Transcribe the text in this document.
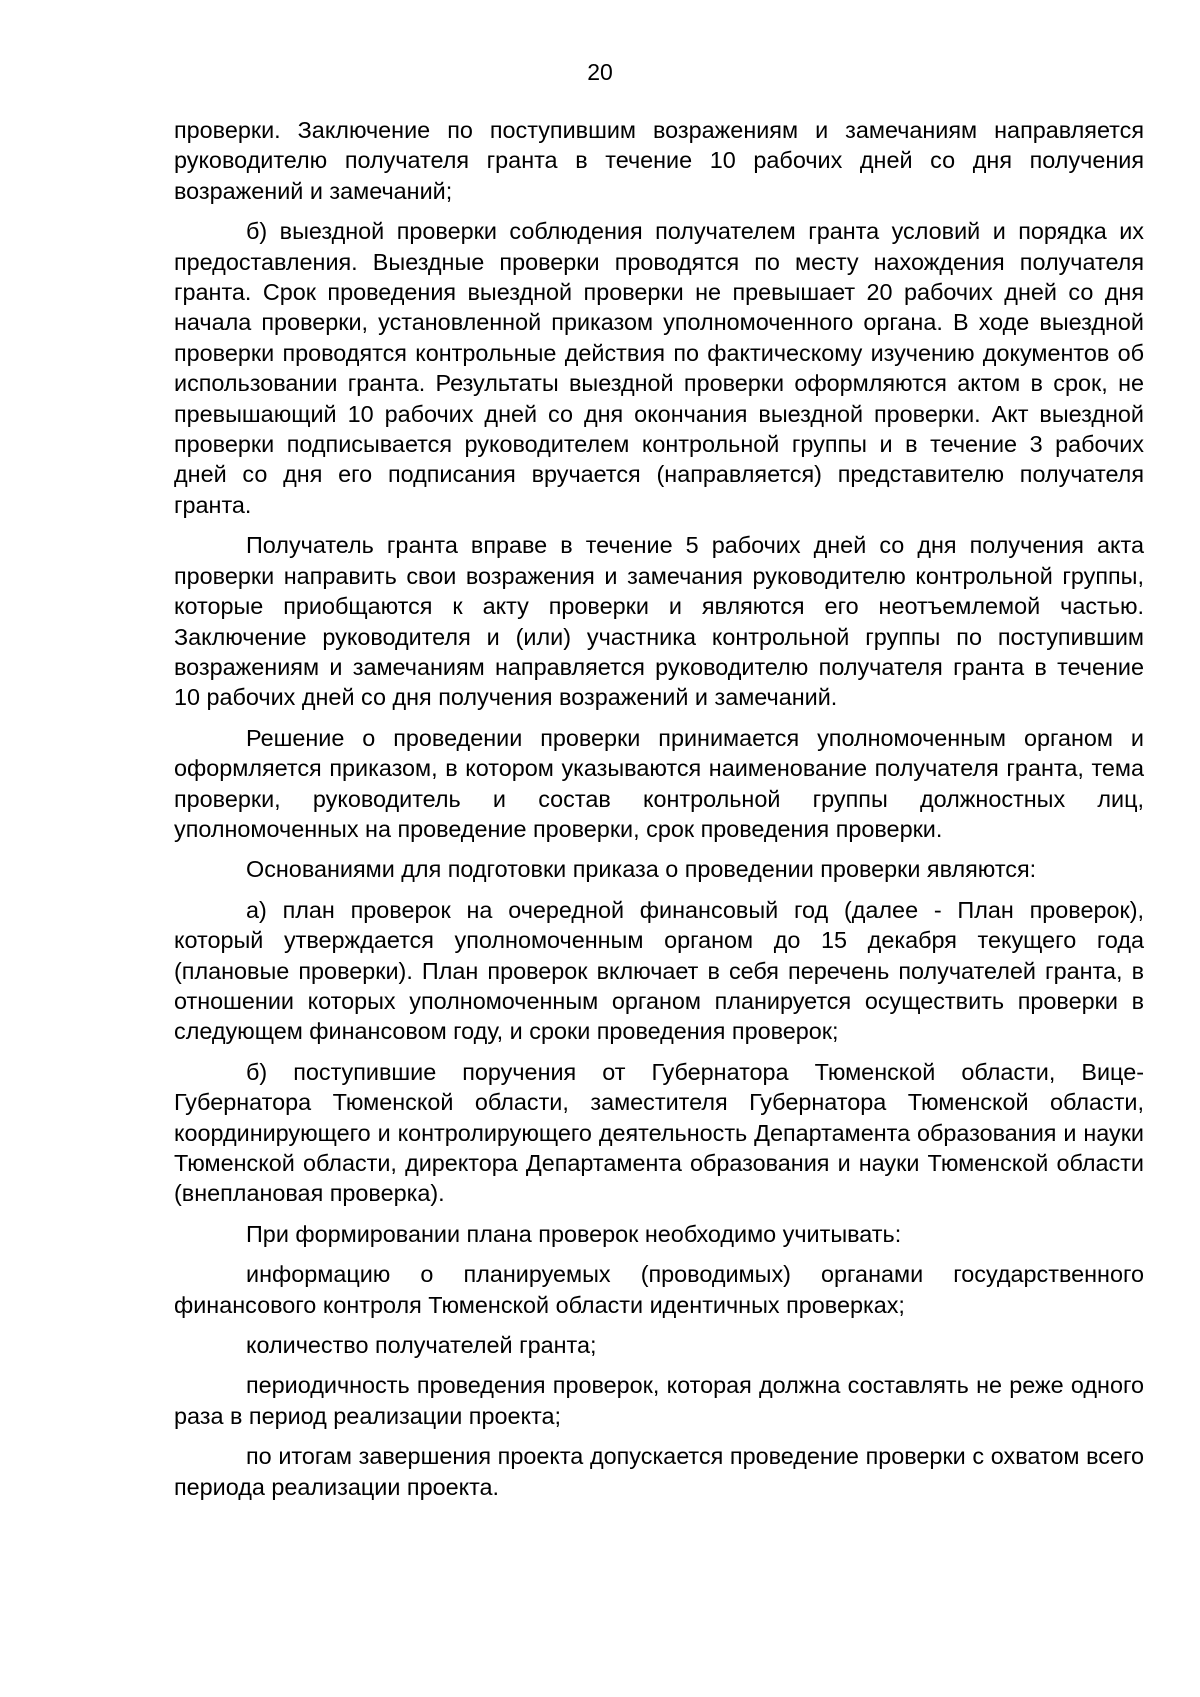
20

проверки. Заключение по поступившим возражениям и замечаниям направляется руководителю получателя гранта в течение 10 рабочих дней со дня получения возражений и замечаний;

б) выездной проверки соблюдения получателем гранта условий и порядка их предоставления. Выездные проверки проводятся по месту нахождения получателя гранта. Срок проведения выездной проверки не превышает 20 рабочих дней со дня начала проверки, установленной приказом уполномоченного органа. В ходе выездной проверки проводятся контрольные действия по фактическому изучению документов об использовании гранта. Результаты выездной проверки оформляются актом в срок, не превышающий 10 рабочих дней со дня окончания выездной проверки. Акт выездной проверки подписывается руководителем контрольной группы и в течение 3 рабочих дней со дня его подписания вручается (направляется) представителю получателя гранта.

Получатель гранта вправе в течение 5 рабочих дней со дня получения акта проверки направить свои возражения и замечания руководителю контрольной группы, которые приобщаются к акту проверки и являются его неотъемлемой частью. Заключение руководителя и (или) участника контрольной группы по поступившим возражениям и замечаниям направляется руководителю получателя гранта в течение 10 рабочих дней со дня получения возражений и замечаний.

Решение о проведении проверки принимается уполномоченным органом и оформляется приказом, в котором указываются наименование получателя гранта, тема проверки, руководитель и состав контрольной группы должностных лиц, уполномоченных на проведение проверки, срок проведения проверки.

Основаниями для подготовки приказа о проведении проверки являются:

а) план проверок на очередной финансовый год (далее - План проверок), который утверждается уполномоченным органом до 15 декабря текущего года (плановые проверки). План проверок включает в себя перечень получателей гранта, в отношении которых уполномоченным органом планируется осуществить проверки в следующем финансовом году, и сроки проведения проверок;

б) поступившие поручения от Губернатора Тюменской области, Вице-Губернатора Тюменской области, заместителя Губернатора Тюменской области, координирующего и контролирующего деятельность Департамента образования и науки Тюменской области, директора Департамента образования и науки Тюменской области (внеплановая проверка).

При формировании плана проверок необходимо учитывать:

информацию о планируемых (проводимых) органами государственного финансового контроля Тюменской области идентичных проверках;

количество получателей гранта;

периодичность проведения проверок, которая должна составлять не реже одного раза в период реализации проекта;

по итогам завершения проекта допускается проведение проверки с охватом всего периода реализации проекта.
